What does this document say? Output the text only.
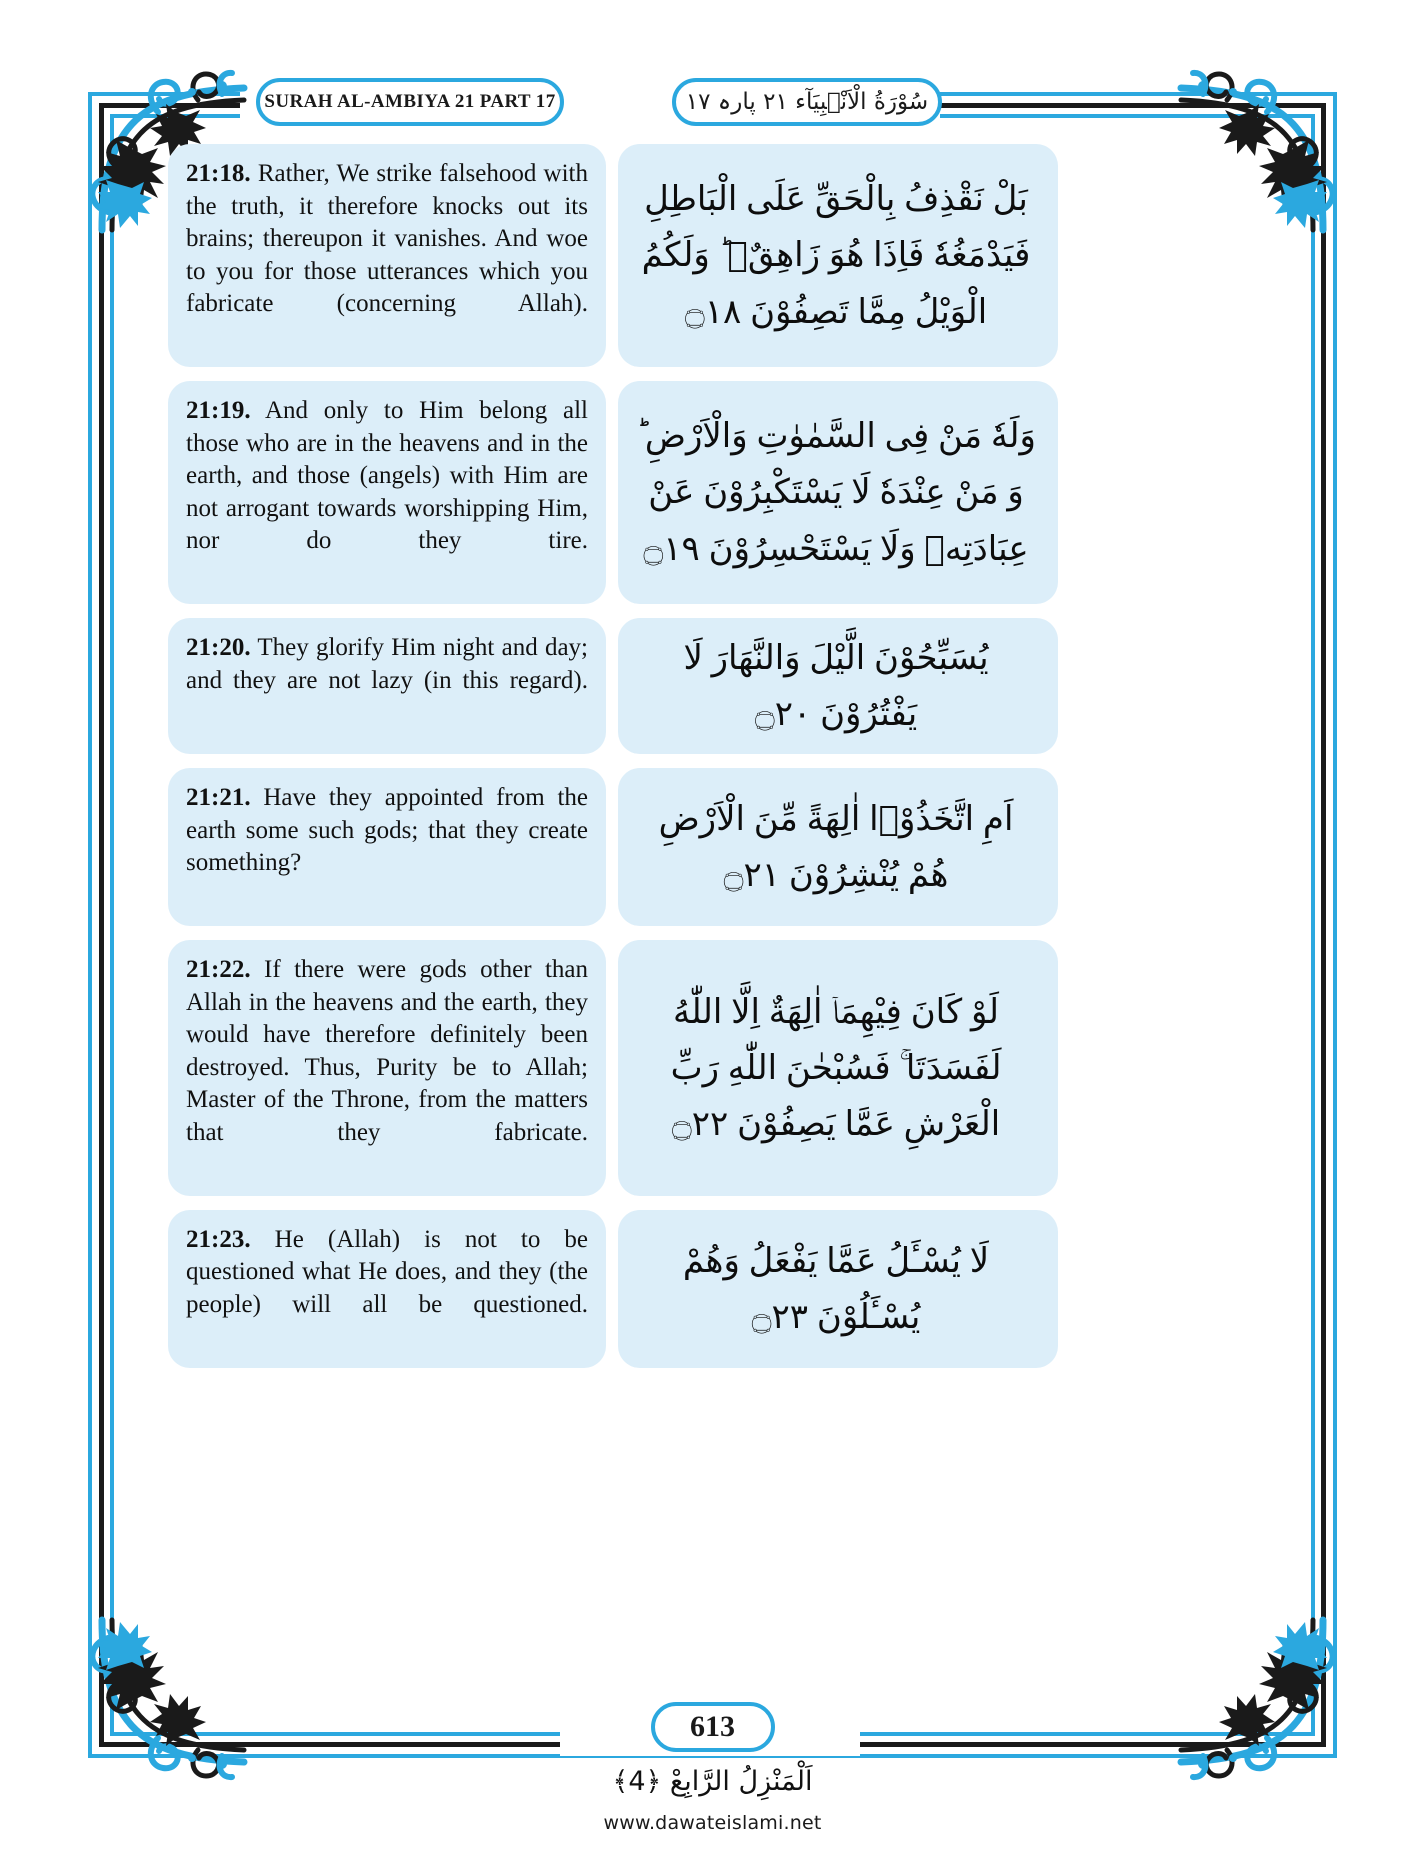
SURAH AL-AMBIYA 21 PART 17	سُوْرَةُ الْاَنْۢبِيَآء ٢١ پارہ ١٧

21:18. Rather, We strike falsehood with the truth, it therefore knocks out its brains; thereupon it vanishes. And woe to you for those utterances which you fabricate (concerning Allah).

بَلْ نَقْذِفُ بِالْحَقِّ عَلَى الْبَاطِلِ فَيَدْمَغُهٗ فَاِذَا هُوَ زَاهِقٌۭ ؕ وَلَكُمُ الْوَيْلُ مِمَّا تَصِفُوْنَ ۝١٨

21:19. And only to Him belong all those who are in the heavens and in the earth, and those (angels) with Him are not arrogant towards worshipping Him, nor do they tire.

وَلَهٗ مَنْ فِى السَّمٰوٰتِ وَالْاَرْضِ ؕ وَ مَنْ عِنْدَهٗ لَا يَسْتَكْبِرُوْنَ عَنْ عِبَادَتِهٖ وَلَا يَسْتَحْسِرُوْنَ ۝١٩

21:20. They glorify Him night and day; and they are not lazy (in this regard).

يُسَبِّحُوْنَ الَّيْلَ وَالنَّهَارَ لَا يَفْتُرُوْنَ ۝٢٠

21:21. Have they appointed from the earth some such gods; that they create something?

اَمِ اتَّخَذُوْۤا اٰلِهَةً مِّنَ الْاَرْضِ هُمْ يُنْشِرُوْنَ ۝٢١

21:22. If there were gods other than Allah in the heavens and the earth, they would have therefore definitely been destroyed. Thus, Purity be to Allah; Master of the Throne, from the matters that they fabricate.

لَوْ كَانَ فِيْهِمَاۤ اٰلِهَةٌ اِلَّا اللّٰهُ لَفَسَدَتَا ۚ فَسُبْحٰنَ اللّٰهِ رَبِّ الْعَرْشِ عَمَّا يَصِفُوْنَ ۝٢٢

21:23. He (Allah) is not to be questioned what He does, and they (the people) will all be questioned.

لَا يُسْـَٔلُ عَمَّا يَفْعَلُ وَهُمْ يُسْـَٔلُوْنَ ۝٢٣

613
اَلْمَنْزِلُ الرَّابِعْ ﴿4﴾
www.dawateislami.net
